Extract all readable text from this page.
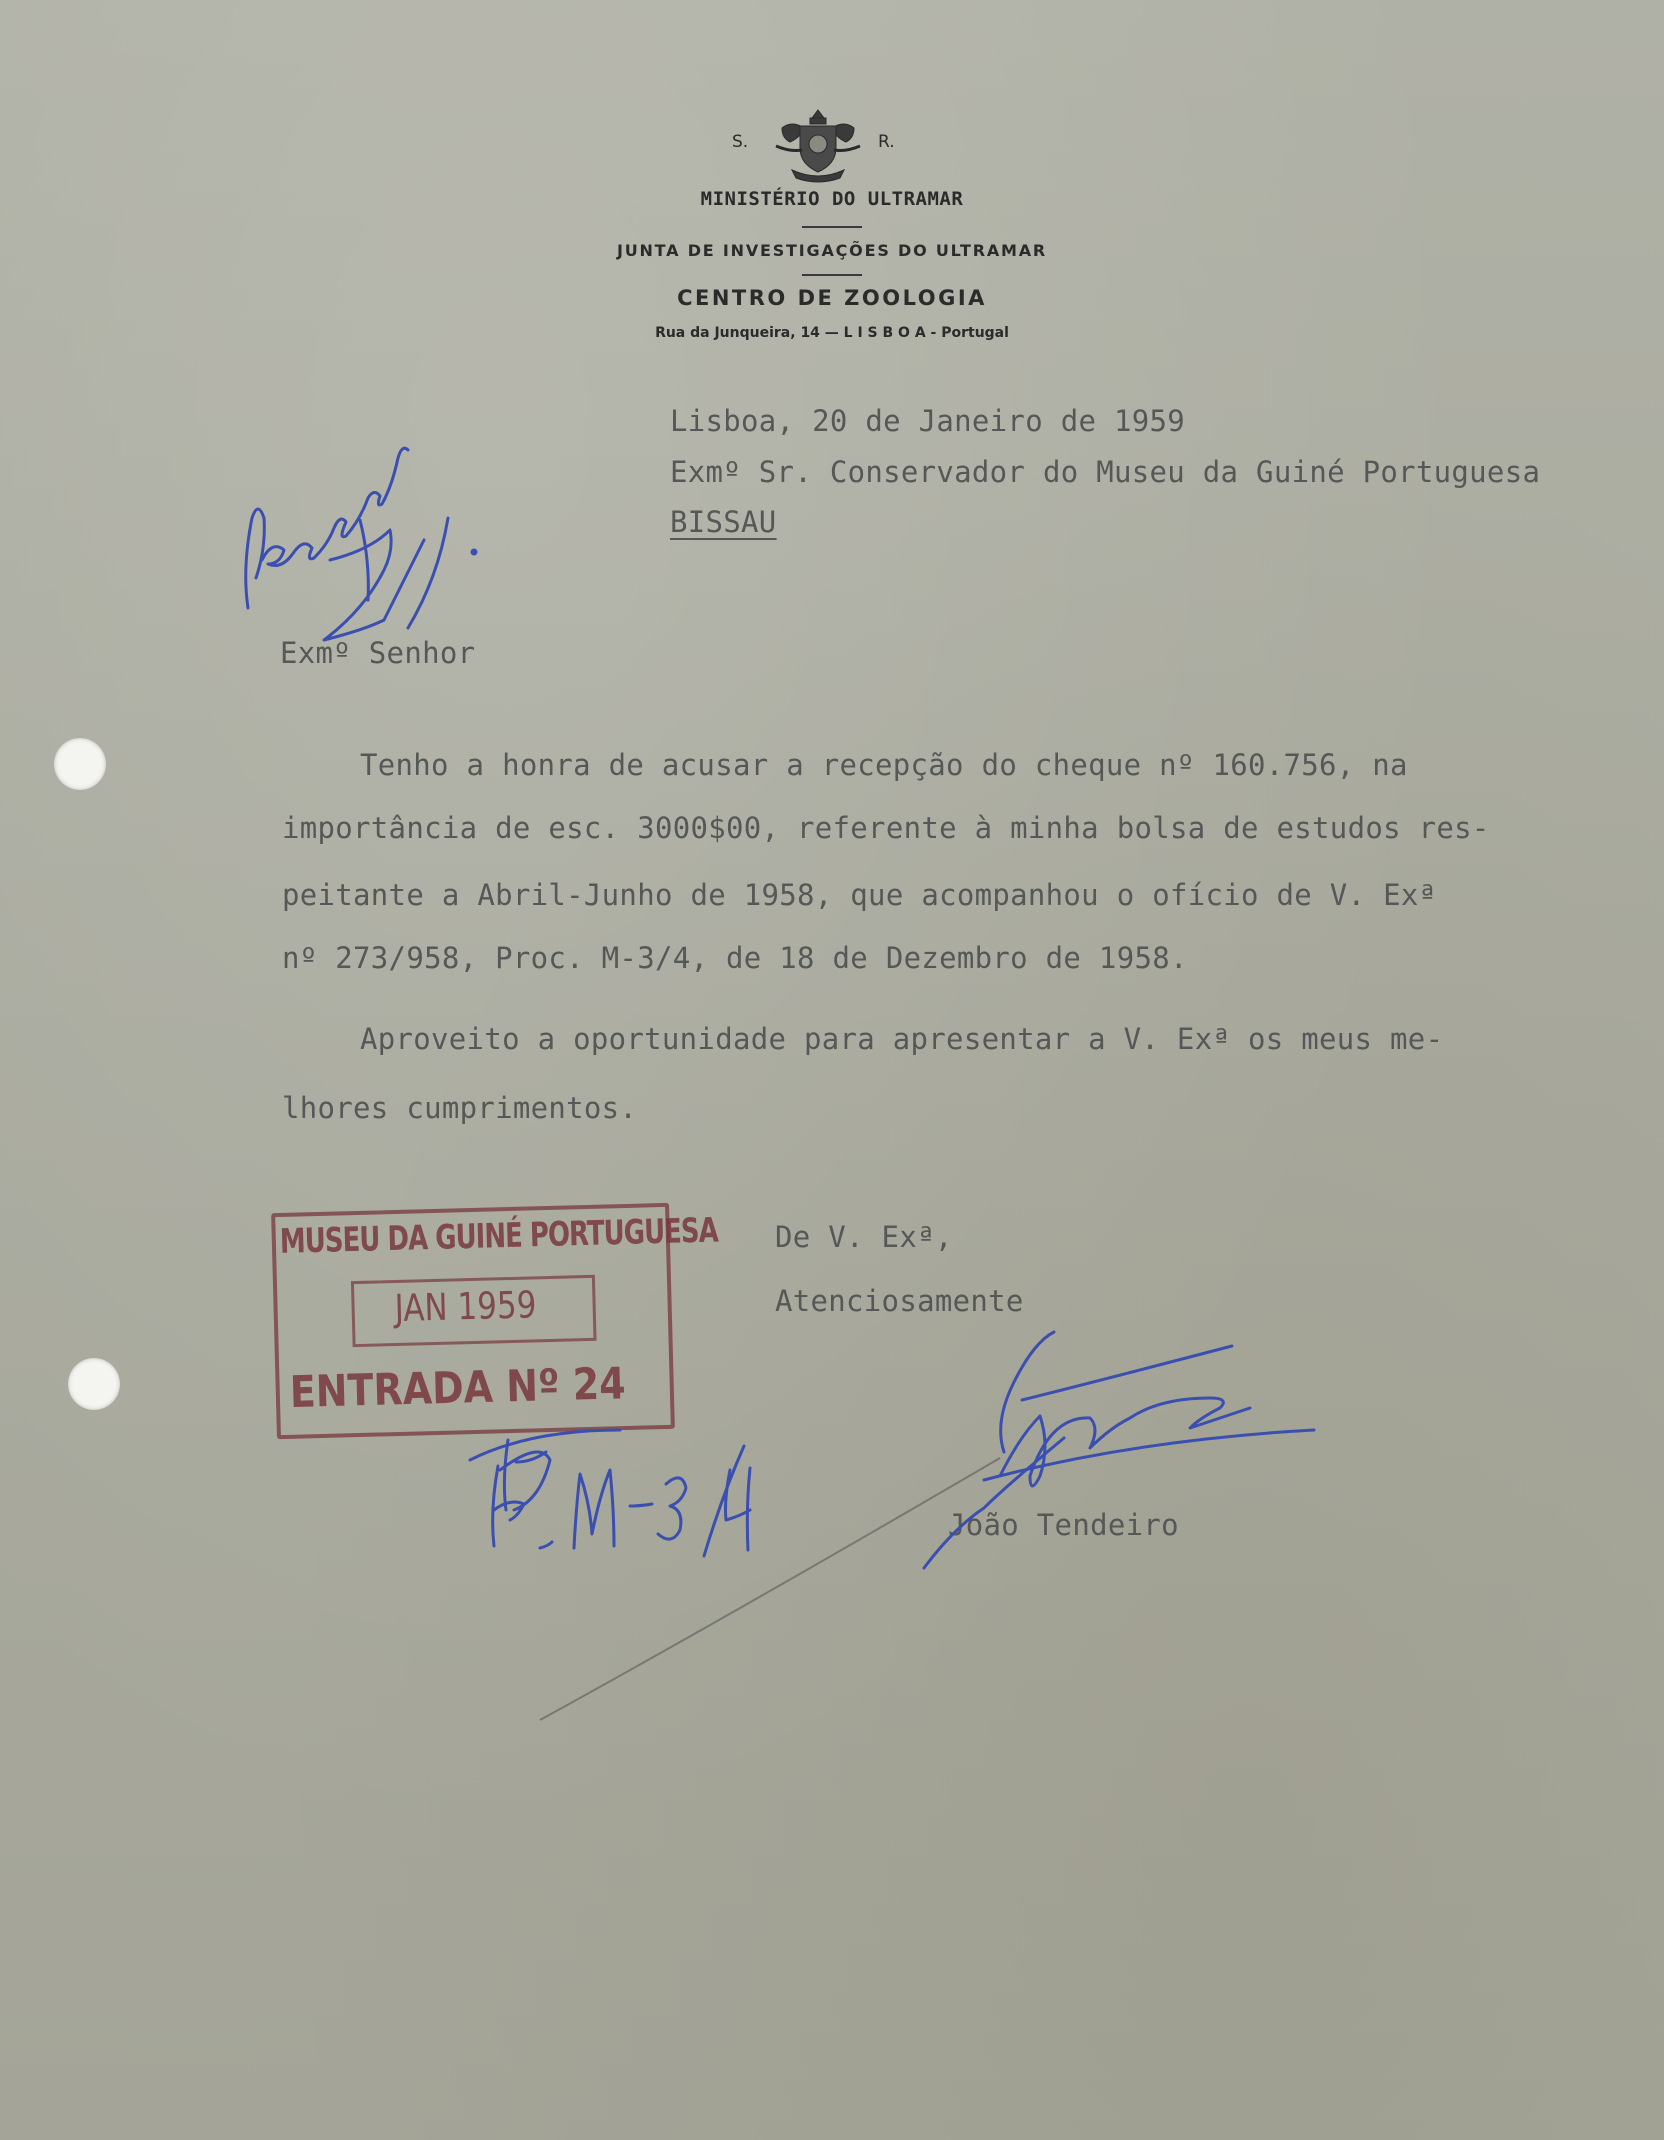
S.	R.
MINISTÉRIO DO ULTRAMAR
JUNTA DE INVESTIGAÇÕES DO ULTRAMAR
CENTRO DE ZOOLOGIA
Rua da Junqueira, 14 — L I S B O A - Portugal
Lisboa, 20 de Janeiro de 1959
Exmº Sr. Conservador do Museu da Guiné Portuguesa
BISSAU
Exmº Senhor
Tenho a honra de acusar a recepção do cheque nº 160.756, na
importância de esc. 3000$00, referente à minha bolsa de estudos res-
peitante a Abril-Junho de 1958, que acompanhou o ofício de V. Exª
nº 273/958, Proc. M-3/4, de 18 de Dezembro de 1958.
Aproveito a oportunidade para apresentar a V. Exª os meus me-
lhores cumprimentos.
De V. Exª,
Atenciosamente
João Tendeiro
MUSEU DA GUINÉ PORTUGUESA
JAN 1959
ENTRADA Nº 24
